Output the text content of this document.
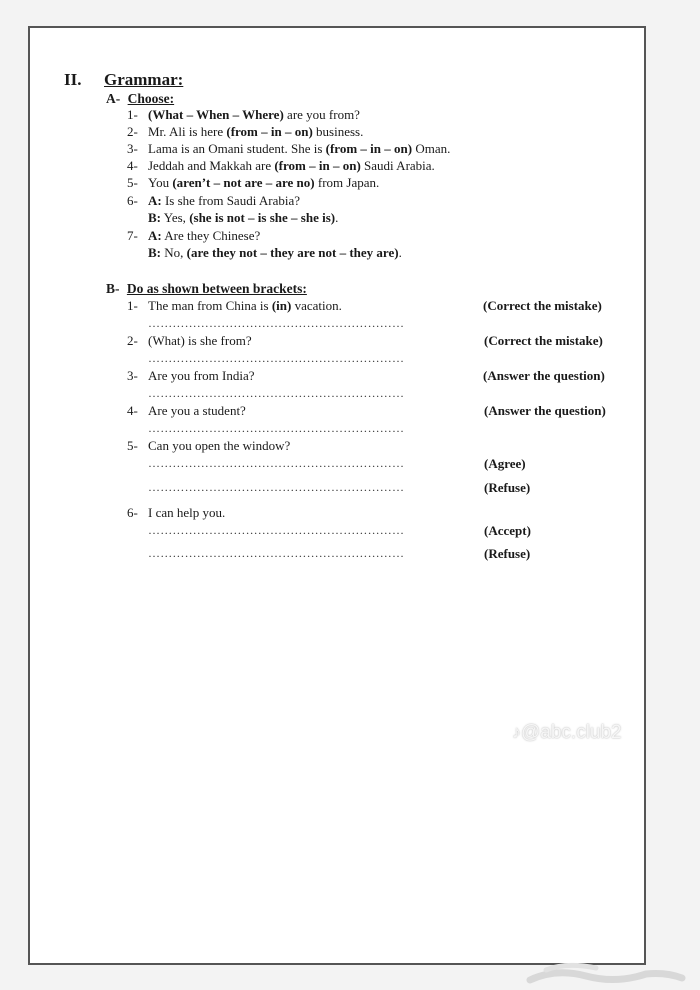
II. Grammar:
A- Choose:
1- (What – When – Where) are you from?
2- Mr. Ali is here (from – in – on) business.
3- Lama is an Omani student. She is (from – in – on) Oman.
4- Jeddah and Makkah are (from – in – on) Saudi Arabia.
5- You (aren’t – not are – are no) from Japan.
6- A: Is she from Saudi Arabia?
B: Yes, (she is not – is she – she is).
7- A: Are they Chinese?
B: No, (are they not – they are not – they are).
B- Do as shown between brackets:
1- The man from China is (in) vacation.	(Correct the mistake)
………………………………………………………
2- (What) is she from?	(Correct the mistake)
………………………………………………………
3- Are you from India?	(Answer the question)
………………………………………………………
4- Are you a student?	(Answer the question)
………………………………………………………
5- Can you open the window?
………………………………………………………	(Agree)
………………………………………………………	(Refuse)
6- I can help you.
………………………………………………………	(Accept)
………………………………………………………	(Refuse)
♪@abc.club2
